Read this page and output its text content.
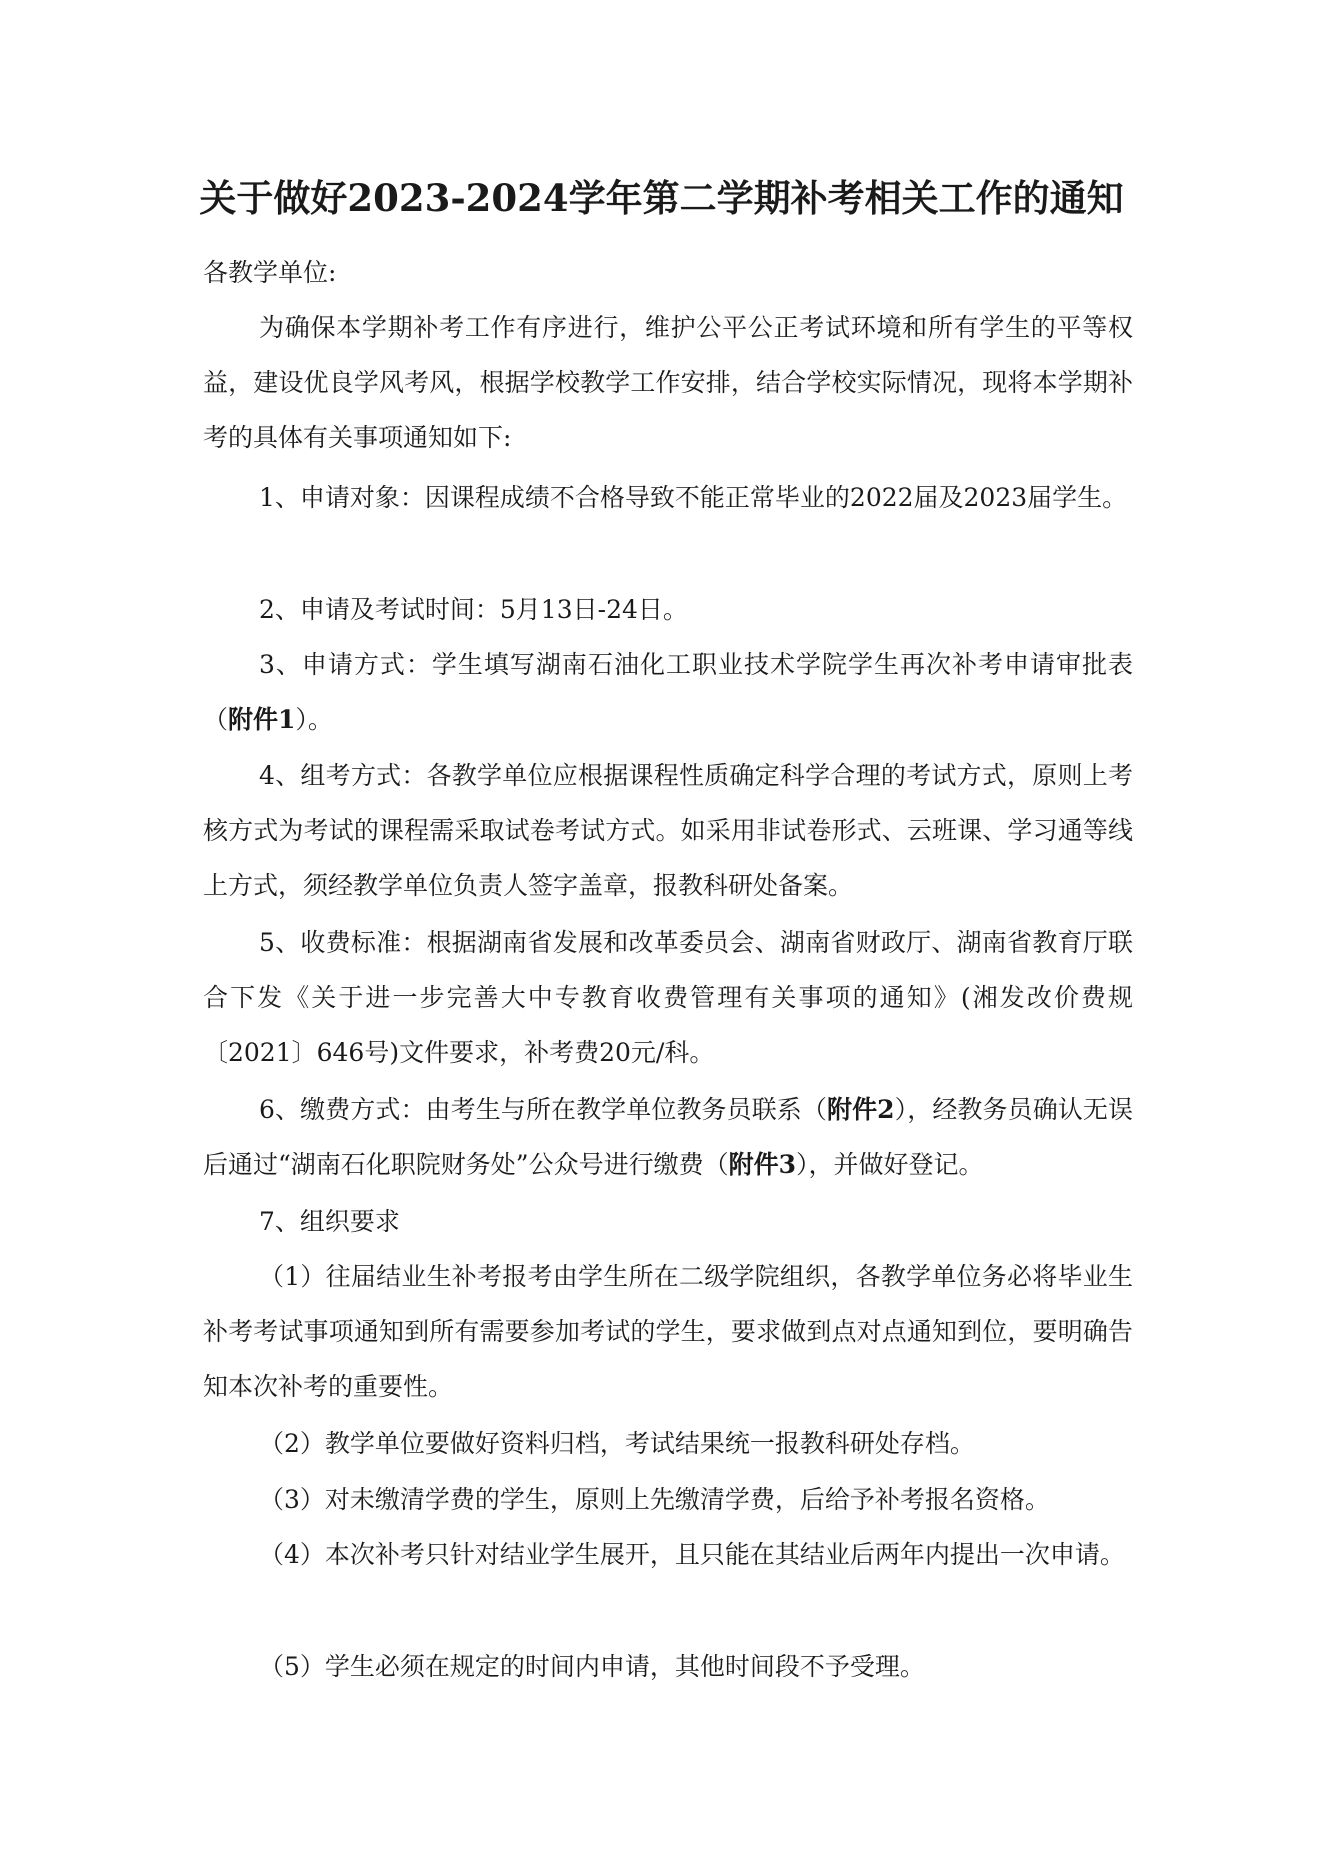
关于做好2023-2024学年第二学期补考相关工作的通知
各教学单位:

为确保本学期补考工作有序进行，维护公平公正考试环境和所有学生的平等权益，建设优良学风考风，根据学校教学工作安排，结合学校实际情况，现将本学期补考的具体有关事项通知如下:

1、申请对象：因课程成绩不合格导致不能正常毕业的2022届及2023届学生。

2、申请及考试时间：5月13日-24日。

3、申请方式：学生填写湖南石油化工职业技术学院学生再次补考申请审批表（附件1）。

4、组考方式：各教学单位应根据课程性质确定科学合理的考试方式，原则上考核方式为考试的课程需采取试卷考试方式。如采用非试卷形式、云班课、学习通等线上方式，须经教学单位负责人签字盖章，报教科研处备案。

5、收费标准：根据湖南省发展和改革委员会、湖南省财政厅、湖南省教育厅联合下发《关于进一步完善大中专教育收费管理有关事项的通知》(湘发改价费规〔2021〕646号)文件要求，补考费20元/科。

6、缴费方式：由考生与所在教学单位教务员联系（附件2），经教务员确认无误后通过“湖南石化职院财务处”公众号进行缴费（附件3），并做好登记。

7、组织要求

（1）往届结业生补考报考由学生所在二级学院组织，各教学单位务必将毕业生补考考试事项通知到所有需要参加考试的学生，要求做到点对点通知到位，要明确告知本次补考的重要性。

（2）教学单位要做好资料归档，考试结果统一报教科研处存档。

（3）对未缴清学费的学生，原则上先缴清学费，后给予补考报名资格。

（4）本次补考只针对结业学生展开，且只能在其结业后两年内提出一次申请。

（5）学生必须在规定的时间内申请，其他时间段不予受理。
